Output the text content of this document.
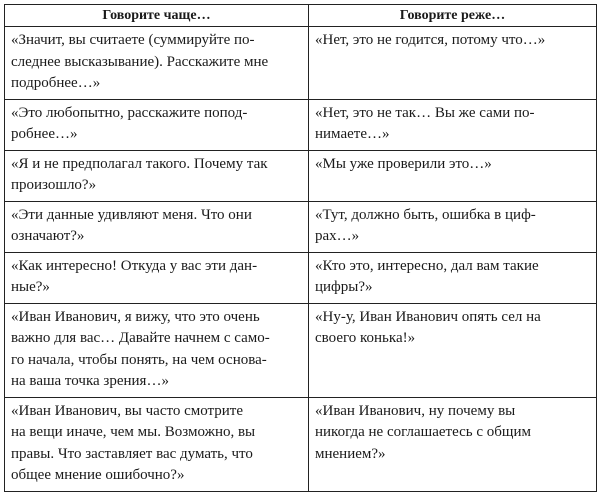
Говорите чаще…	Говорите реже…
«Значит, вы считаете (суммируйте по-
следнее высказывание). Расскажите мне
подробнее…»	«Нет, это не годится, потому что…»
«Это любопытно, расскажите попод-
робнее…»	«Нет, это не так… Вы же сами по-
нимаете…»
«Я и не предполагал такого. Почему так
произошло?»	«Мы уже проверили это…»
«Эти данные удивляют меня. Что они
означают?»	«Тут, должно быть, ошибка в циф-
рах…»
«Как интересно! Откуда у вас эти дан-
ные?»	«Кто это, интересно, дал вам такие
цифры?»
«Иван Иванович, я вижу, что это очень
важно для вас… Давайте начнем с само-
го начала, чтобы понять, на чем основа-
на ваша точка зрения…»	«Ну-у, Иван Иванович опять сел на
своего конька!»
«Иван Иванович, вы часто смотрите
на вещи иначе, чем мы. Возможно, вы
правы. Что заставляет вас думать, что
общее мнение ошибочно?»	«Иван Иванович, ну почему вы
никогда не соглашаетесь с общим
мнением?»
